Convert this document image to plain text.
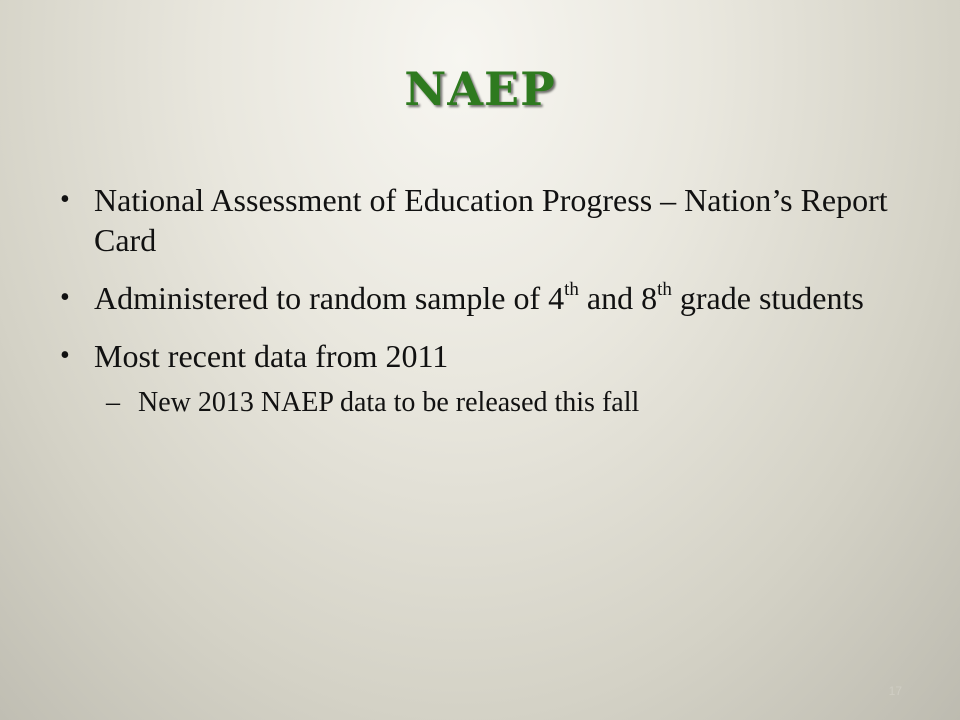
NAEP
• National Assessment of Education Progress – Nation’s Report Card
• Administered to random sample of 4th and 8th grade students
• Most recent data from 2011
– New 2013 NAEP data to be released this fall
17
